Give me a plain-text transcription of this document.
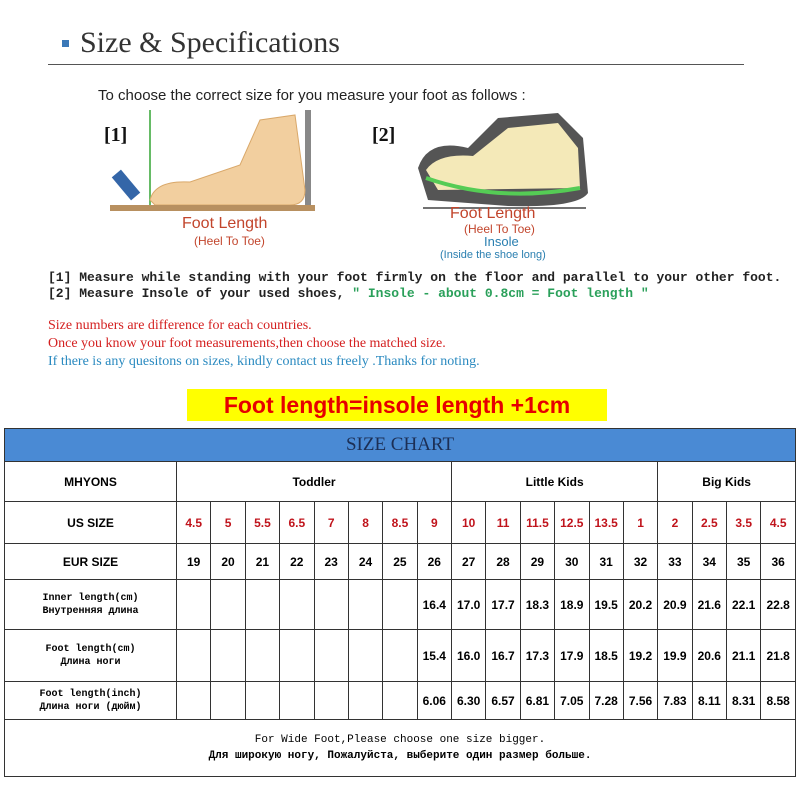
Size & Specifications
To choose the correct size for you measure your foot as follows :
[1]
Foot Length
(Heel To Toe)
[2]
Foot Length
(Heel To Toe)
Insole
(Inside the shoe long)
[1] Measure while standing with your foot firmly on the floor and parallel to your other foot.
[2] Measure Insole of your used shoes, " Insole - about 0.8cm = Foot length "
Size numbers are difference for each countries.
Once you know your foot measurements,then choose the matched size.
If there is any quesitons on sizes, kindly contact us freely .Thanks for noting.
Foot length=insole length +1cm
SIZE CHART																		
MHYONS	Toddler								Little Kids						Big Kids			
US SIZE	4.5	5	5.5	6.5	7	8	8.5	9	10	11	11.5	12.5	13.5	1	2	2.5	3.5	4.5
EUR SIZE	19	20	21	22	23	24	25	26	27	28	29	30	31	32	33	34	35	36
Inner length(cm)
Внутренняя длина								16.4	17.0	17.7	18.3	18.9	19.5	20.2	20.9	21.6	22.1	22.8
Foot length(cm)
Длина ноги								15.4	16.0	16.7	17.3	17.9	18.5	19.2	19.9	20.6	21.1	21.8
Foot length(inch)
Длина ноги (дюйм)								6.06	6.30	6.57	6.81	7.05	7.28	7.56	7.83	8.11	8.31	8.58
For Wide Foot,Please choose one size bigger.
Для широкую ногу, Пожалуйста, выберите один размер больше.																		
